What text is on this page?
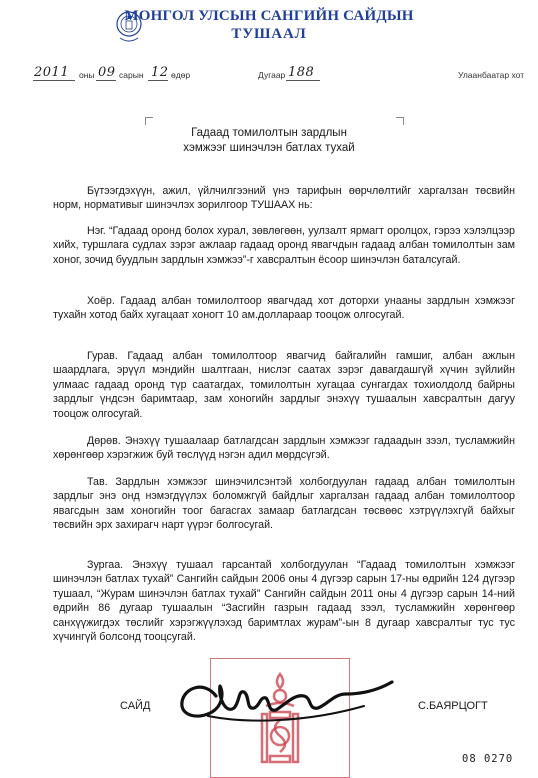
МОНГОЛ УЛСЫН САНГИЙН САЙДЫН
ТУШААЛ
2011 оны 09 сарын 12 өдөр	Дугаар 188	Улаанбаатар хот
Гадаад томилолтын зардлын
хэмжээг шинэчлэн батлах тухай
Бүтээгдэхүүн, ажил, үйлчилгээний үнэ тарифын өөрчлөлтийг харгалзан төсвийн норм, нормативыг шинэчлэх зорилгоор ТУШААХ нь:
Нэг. “Гадаад оронд болох хурал, зөвлөгөөн, уулзалт ярмагт оролцох, гэрээ хэлэлцээр хийх, туршлага судлах зэрэг ажлаар гадаад оронд явагчдын гадаад албан томилолтын зам хоног, зочид буудлын зардлын хэмжээ”-г хавсралтын ёсоор шинэчлэн баталсугай.
Хоёр. Гадаад албан томилолтоор явагчдад хот доторхи унааны зардлын хэмжээг тухайн хотод байх хугацаат хоногт 10 ам.доллараар тооцож олгосугай.
Гурав. Гадаад албан томилолтоор явагчид байгалийн гамшиг, албан ажлын шаардлага, эрүүл мэндийн шалтгаан, нислэг саатах зэрэг давагдашгүй хүчин зүйлийн улмаас гадаад оронд түр саатагдах, томилолтын хугацаа сунгагдах тохиолдолд байрны зардлыг үндсэн баримтаар, зам хоногийн зардлыг энэхүү тушаалын хавсралтын дагуу тооцож олгосугай.
Дөрөв. Энэхүү тушаалаар батлагдсан зардлын хэмжээг гадаадын зээл, тусламжийн хөрөнгөөр хэрэгжиж буй төслүүд нэгэн адил мөрдсүгэй.
Тав. Зардлын хэмжээг шинэчилсэнтэй холбогдуулан гадаад албан томилолтын зардлыг энэ онд нэмэгдүүлэх боломжгүй байдлыг харгалзан гадаад албан томилолтоор явагсдын зам хоногийн тоог багасгах замаар батлагдсан төсвөөс хэтрүүлэхгүй байхыг төсвийн эрх захирагч нарт үүрэг болгосугай.
Зургаа. Энэхүү тушаал гарсантай холбогдуулан “Гадаад томилолтын хэмжээг шинэчлэн батлах тухай” Сангийн сайдын 2006 оны 4 дүгээр сарын 17-ны өдрийн 124 дүгээр тушаал, “Журам шинэчлэн батлах тухай” Сангийн сайдын 2011 оны 4 дүгээр сарын 14-ний өдрийн 86 дугаар тушаалын “Засгийн газрын гадаад зээл, тусламжийн хөрөнгөөр санхүүжигдэх төслийг хэрэгжүүлэхэд баримтлах журам”-ын 8 дугаар хавсралтыг тус тус хүчингүй болсонд тооцсугай.
САЙД	С.БАЯРЦОГТ
08 0270
